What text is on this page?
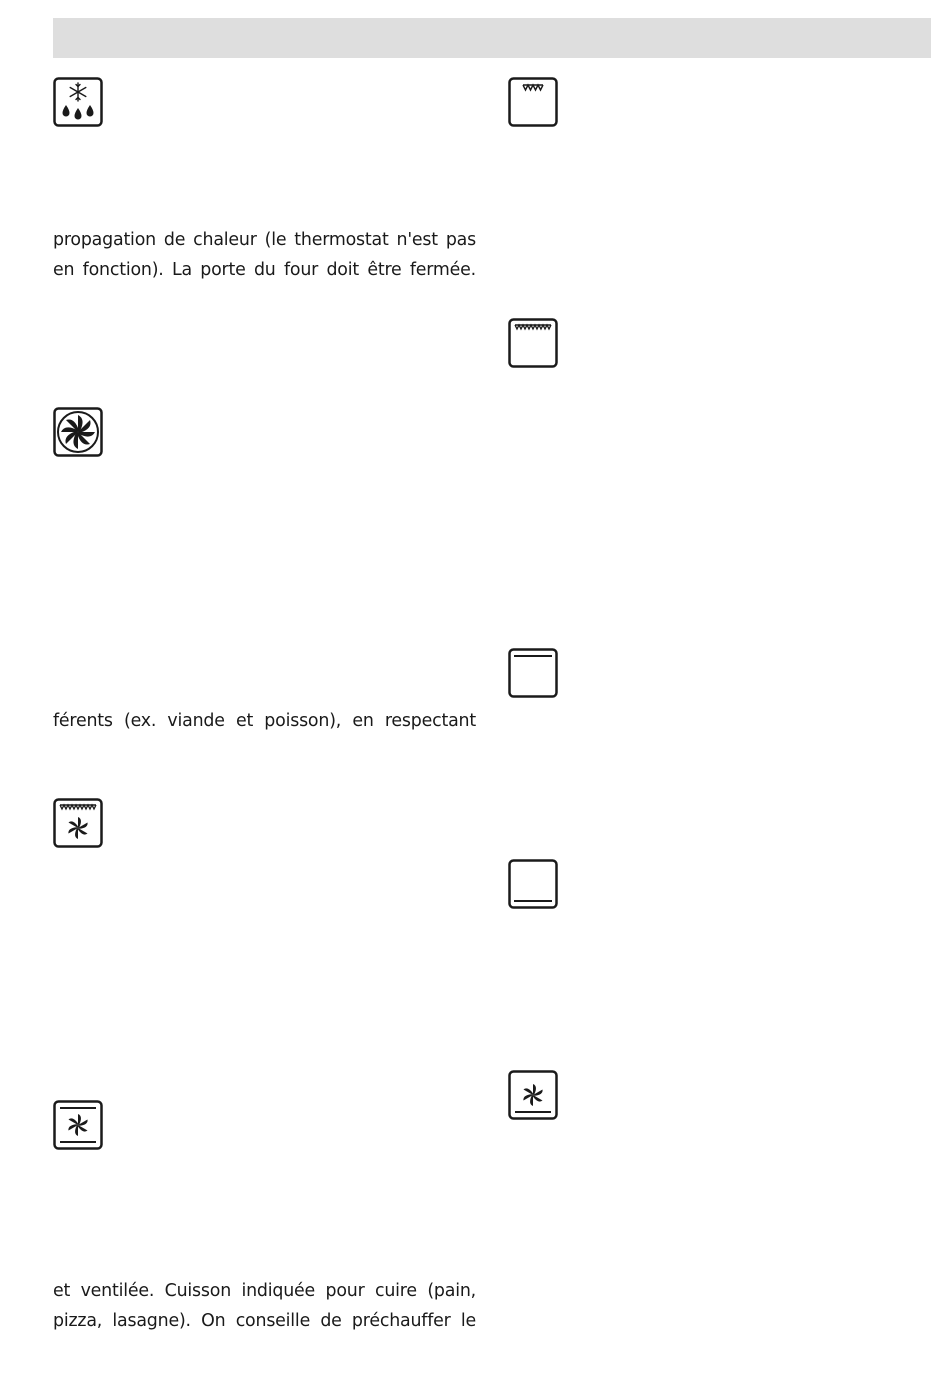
propagation de chaleur (le thermostat n'est pas
en fonction). La porte du four doit être fermée.

férents (ex. viande et poisson), en respectant

et ventilée. Cuisson indiquée pour cuire (pain,
pizza, lasagne). On conseille de préchauffer le
